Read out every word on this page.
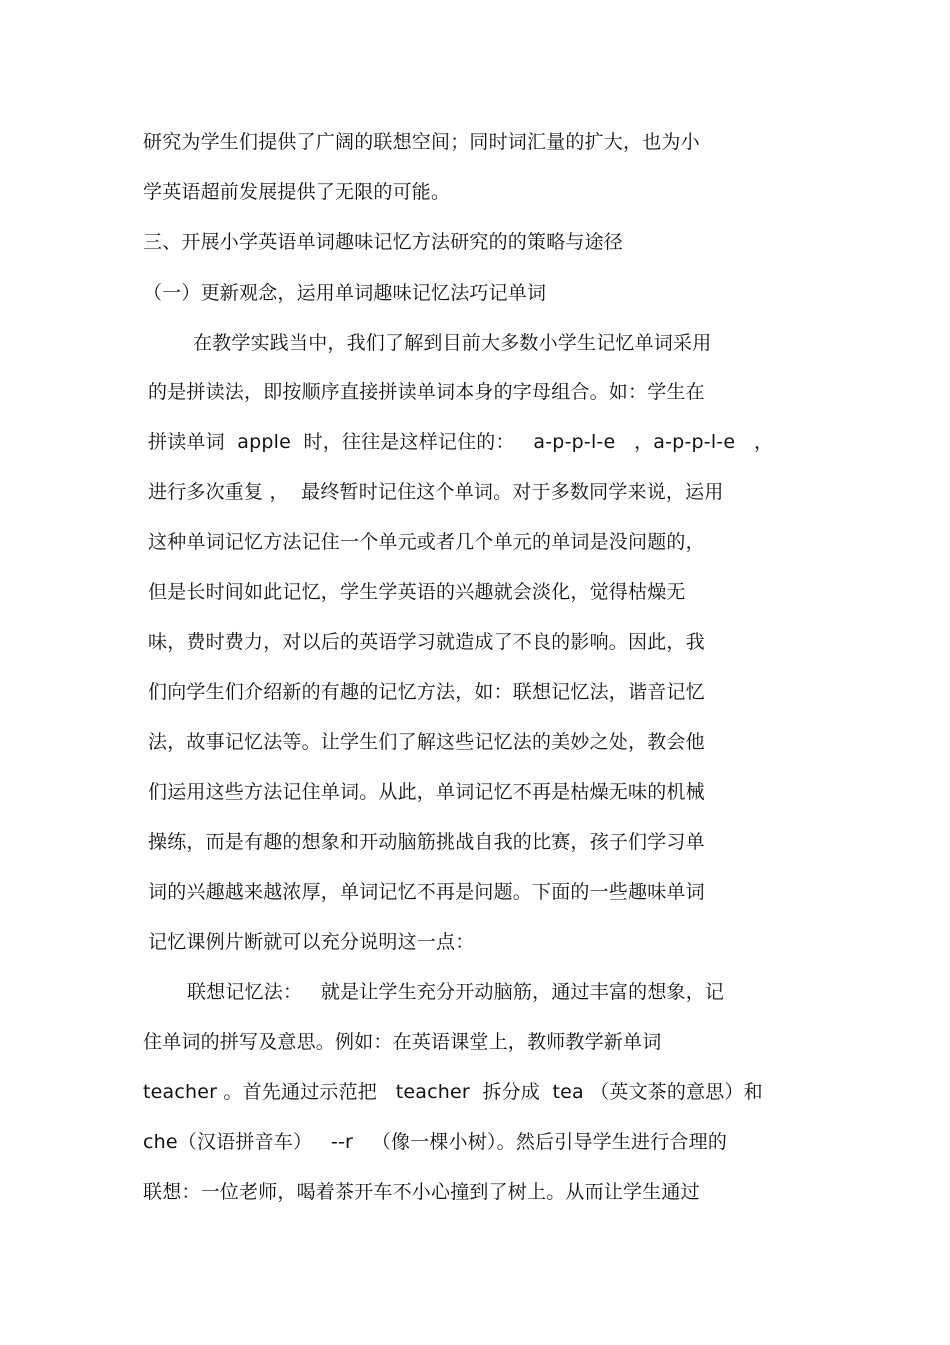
研究为学生们提供了广阔的联想空间；同时词汇量的扩大，也为小
学英语超前发展提供了无限的可能。
三、开展小学英语单词趣味记忆方法研究的的策略与途径
（一）更新观念，运用单词趣味记忆法巧记单词
在教学实践当中，我们了解到目前大多数小学生记忆单词采用
的是拼读法，即按顺序直接拼读单词本身的字母组合。如：学生在
拼读单词  apple  时，往往是这样记住的：   a-p-p-l-e   ，a-p-p-l-e   ，
进行多次重复 ，  最终暂时记住这个单词。对于多数同学来说，运用
这种单词记忆方法记住一个单元或者几个单元的单词是没问题的，
但是长时间如此记忆，学生学英语的兴趣就会淡化，觉得枯燥无
味，费时费力，对以后的英语学习就造成了不良的影响。因此，我
们向学生们介绍新的有趣的记忆方法，如：联想记忆法，谐音记忆
法，故事记忆法等。让学生们了解这些记忆法的美妙之处，教会他
们运用这些方法记住单词。从此，单词记忆不再是枯燥无味的机械
操练，而是有趣的想象和开动脑筋挑战自我的比赛，孩子们学习单
词的兴趣越来越浓厚，单词记忆不再是问题。下面的一些趣味单词
记忆课例片断就可以充分说明这一点：
联想记忆法：   就是让学生充分开动脑筋，通过丰富的想象，记
住单词的拼写及意思。例如：在英语课堂上，教师教学新单词
teacher 。首先通过示范把   teacher  拆分成  tea （英文茶的意思）和
che（汉语拼音车）   --r   （像一棵小树）。然后引导学生进行合理的
联想：一位老师，喝着茶开车不小心撞到了树上。从而让学生通过
